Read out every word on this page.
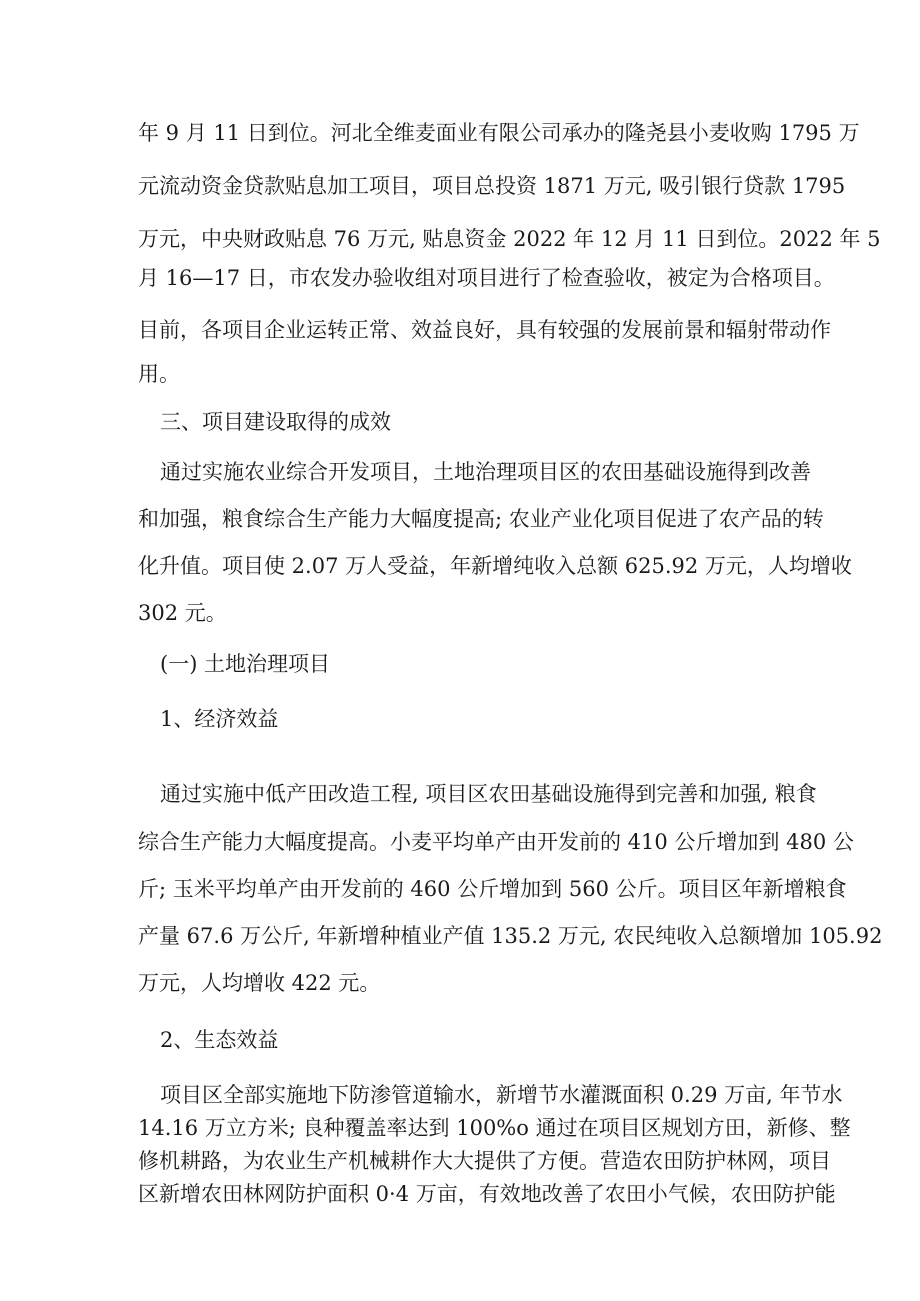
年 9 月 11 日到位。河北全维麦面业有限公司承办的隆尧县小麦收购 1795 万
元流动资金贷款贴息加工项目，项目总投资 1871 万元, 吸引银行贷款 1795
万元，中央财政贴息 76 万元, 贴息资金 2022 年 12 月 11 日到位。2022 年 5
月 16—17 日，市农发办验收组对项目进行了检查验收，被定为合格项目。
目前，各项目企业运转正常、效益良好，具有较强的发展前景和辐射带动作
用。
三、项目建设取得的成效
通过实施农业综合开发项目，土地治理项目区的农田基础设施得到改善
和加强，粮食综合生产能力大幅度提高; 农业产业化项目促进了农产品的转
化升值。项目使 2.07 万人受益，年新增纯收入总额 625.92 万元，人均增收
302 元。
(一) 土地治理项目
1、经济效益
通过实施中低产田改造工程, 项目区农田基础设施得到完善和加强, 粮食
综合生产能力大幅度提高。小麦平均单产由开发前的 410 公斤增加到 480 公
斤; 玉米平均单产由开发前的 460 公斤增加到 560 公斤。项目区年新增粮食
产量 67.6 万公斤, 年新增种植业产值 135.2 万元, 农民纯收入总额增加 105.92
万元，人均增收 422 元。
2、生态效益
项目区全部实施地下防渗管道输水，新增节水灌溉面积 0.29 万亩, 年节水
14.16 万立方米; 良种覆盖率达到 100%o 通过在项目区规划方田，新修、整
修机耕路，为农业生产机械耕作大大提供了方便。营造农田防护林网，项目
区新增农田林网防护面积 0·4 万亩，有效地改善了农田小气候，农田防护能
